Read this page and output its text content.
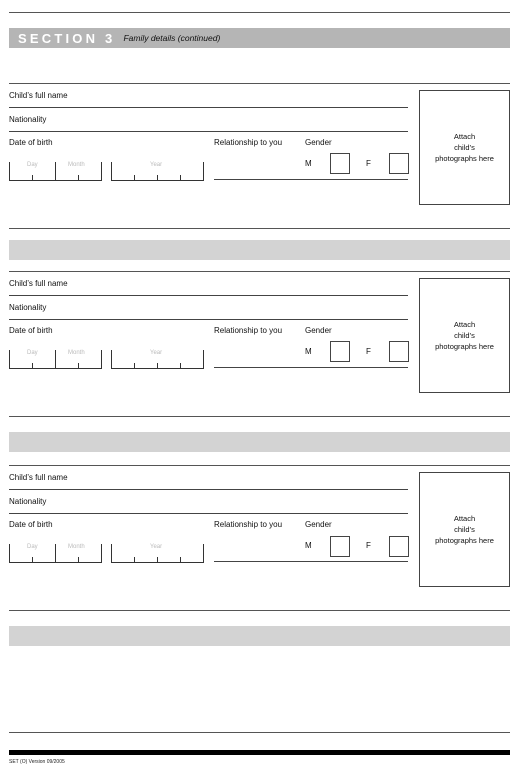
SECTION 3 Family details (continued)
Child’s full name
Nationality
Date of birth
Day	Month	Year
Relationship to you	Gender
M	F
Attach
child’s
photographs here
Child’s full name
Nationality
Date of birth
Day	Month	Year
Relationship to you	Gender
M	F
Attach
child’s
photographs here
Child’s full name
Nationality
Date of birth
Day	Month	Year
Relationship to you	Gender
M	F
Attach
child’s
photographs here
SET (O) Version 09/2005
